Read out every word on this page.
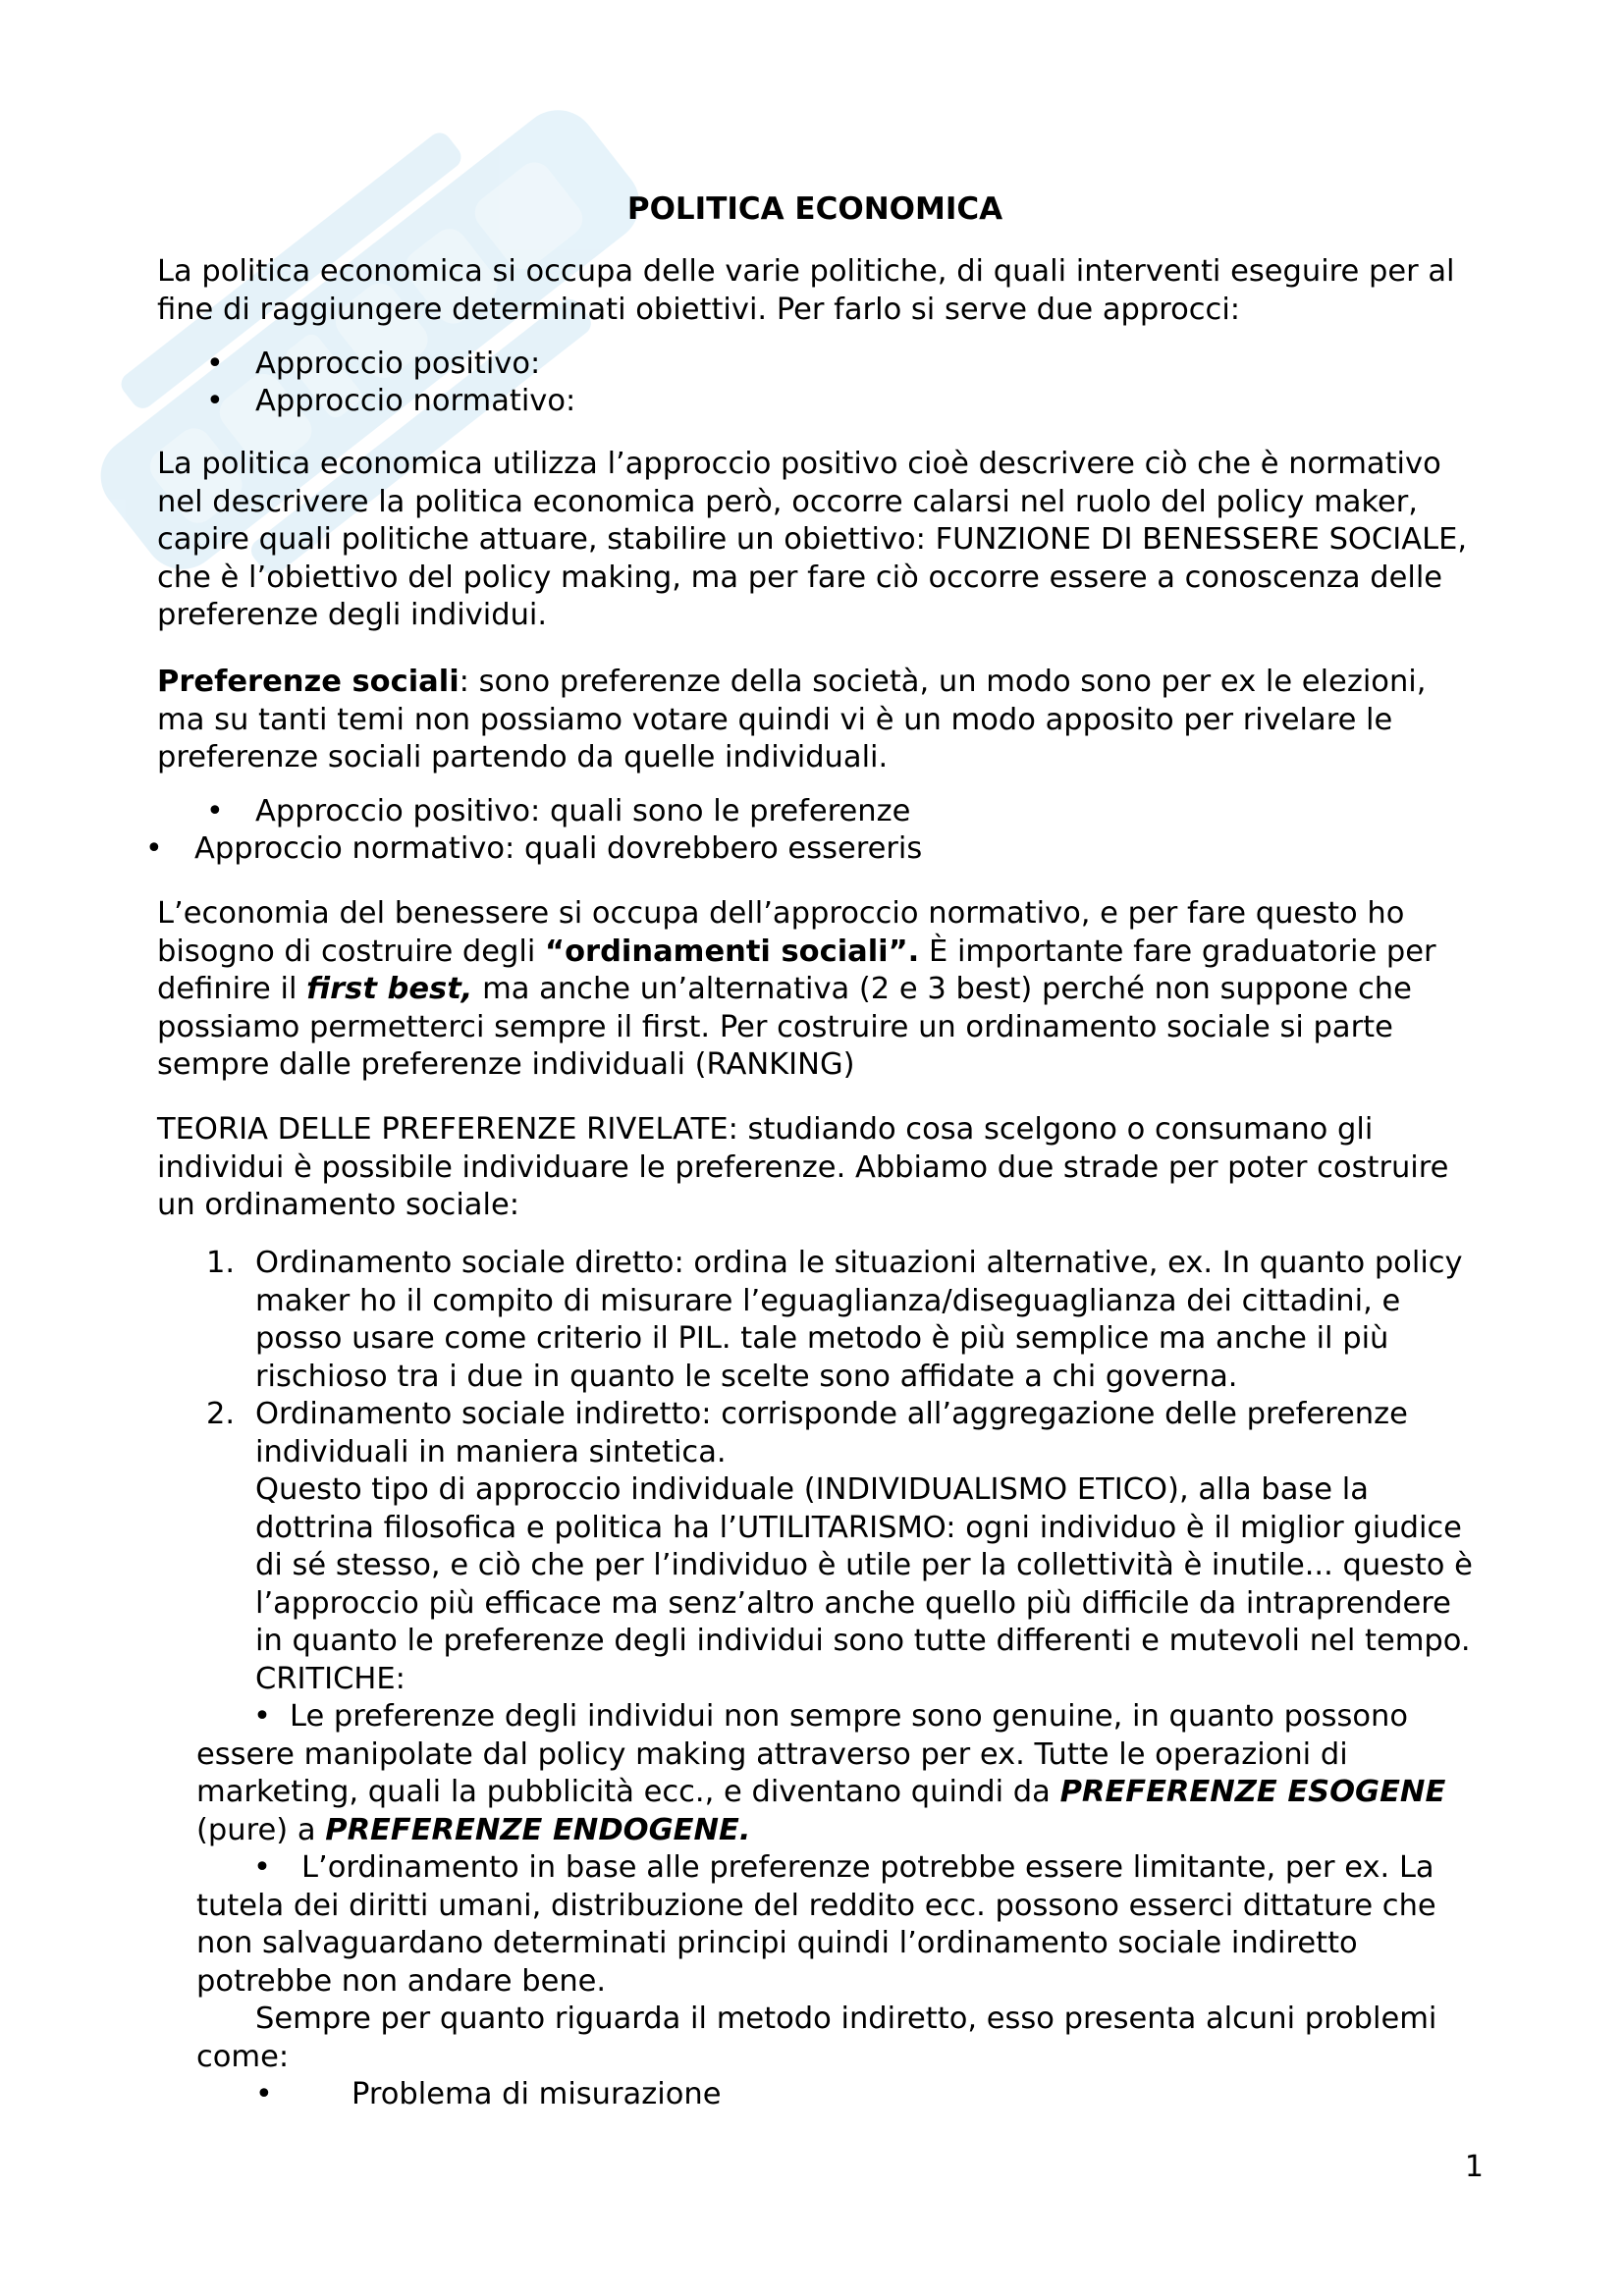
POLITICA ECONOMICA

La politica economica si occupa delle varie politiche, di quali interventi eseguire per al fine di raggiungere determinati obiettivi. Per farlo si serve due approcci:

• Approccio positivo:
• Approccio normativo:

La politica economica utilizza l’approccio positivo cioè descrivere ciò che è normativo nel descrivere la politica economica però, occorre calarsi nel ruolo del policy maker, capire quali politiche attuare, stabilire un obiettivo: FUNZIONE DI BENESSERE SOCIALE, che è l’obiettivo del policy making, ma per fare ciò occorre essere a conoscenza delle preferenze degli individui.

Preferenze sociali: sono preferenze della società, un modo sono per ex le elezioni, ma su tanti temi non possiamo votare quindi vi è un modo apposito per rivelare le preferenze sociali partendo da quelle individuali.

• Approccio positivo: quali sono le preferenze
• Approccio normativo: quali dovrebbero essereris

L’economia del benessere si occupa dell’approccio normativo, e per fare questo ho bisogno di costruire degli “ordinamenti sociali”. È importante fare graduatorie per definire il first best, ma anche un’alternativa (2 e 3 best) perché non suppone che possiamo permetterci sempre il first. Per costruire un ordinamento sociale si parte sempre dalle preferenze individuali (RANKING)

TEORIA DELLE PREFERENZE RIVELATE: studiando cosa scelgono o consumano gli individui è possibile individuare le preferenze. Abbiamo due strade per poter costruire un ordinamento sociale:

1. Ordinamento sociale diretto: ordina le situazioni alternative, ex. In quanto policy maker ho il compito di misurare l’eguaglianza/diseguaglianza dei cittadini, e posso usare come criterio il PIL. tale metodo è più semplice ma anche il più rischioso tra i due in quanto le scelte sono affidate a chi governa.
2. Ordinamento sociale indiretto: corrisponde all’aggregazione delle preferenze individuali in maniera sintetica.
Questo tipo di approccio individuale (INDIVIDUALISMO ETICO), alla base la dottrina filosofica e politica ha l’UTILITARISMO: ogni individuo è il miglior giudice di sé stesso, e ciò che per l’individuo è utile per la collettività è inutile... questo è l’approccio più efficace ma senz’altro anche quello più difficile da intraprendere in quanto le preferenze degli individui sono tutte differenti e mutevoli nel tempo.
CRITICHE:
• Le preferenze degli individui non sempre sono genuine, in quanto possono essere manipolate dal policy making attraverso per ex. Tutte le operazioni di marketing, quali la pubblicità ecc., e diventano quindi da PREFERENZE ESOGENE (pure) a PREFERENZE ENDOGENE.
• L’ordinamento in base alle preferenze potrebbe essere limitante, per ex. La tutela dei diritti umani, distribuzione del reddito ecc. possono esserci dittature che non salvaguardano determinati principi quindi l’ordinamento sociale indiretto potrebbe non andare bene.
Sempre per quanto riguarda il metodo indiretto, esso presenta alcuni problemi come:
•	Problema di misurazione
1
